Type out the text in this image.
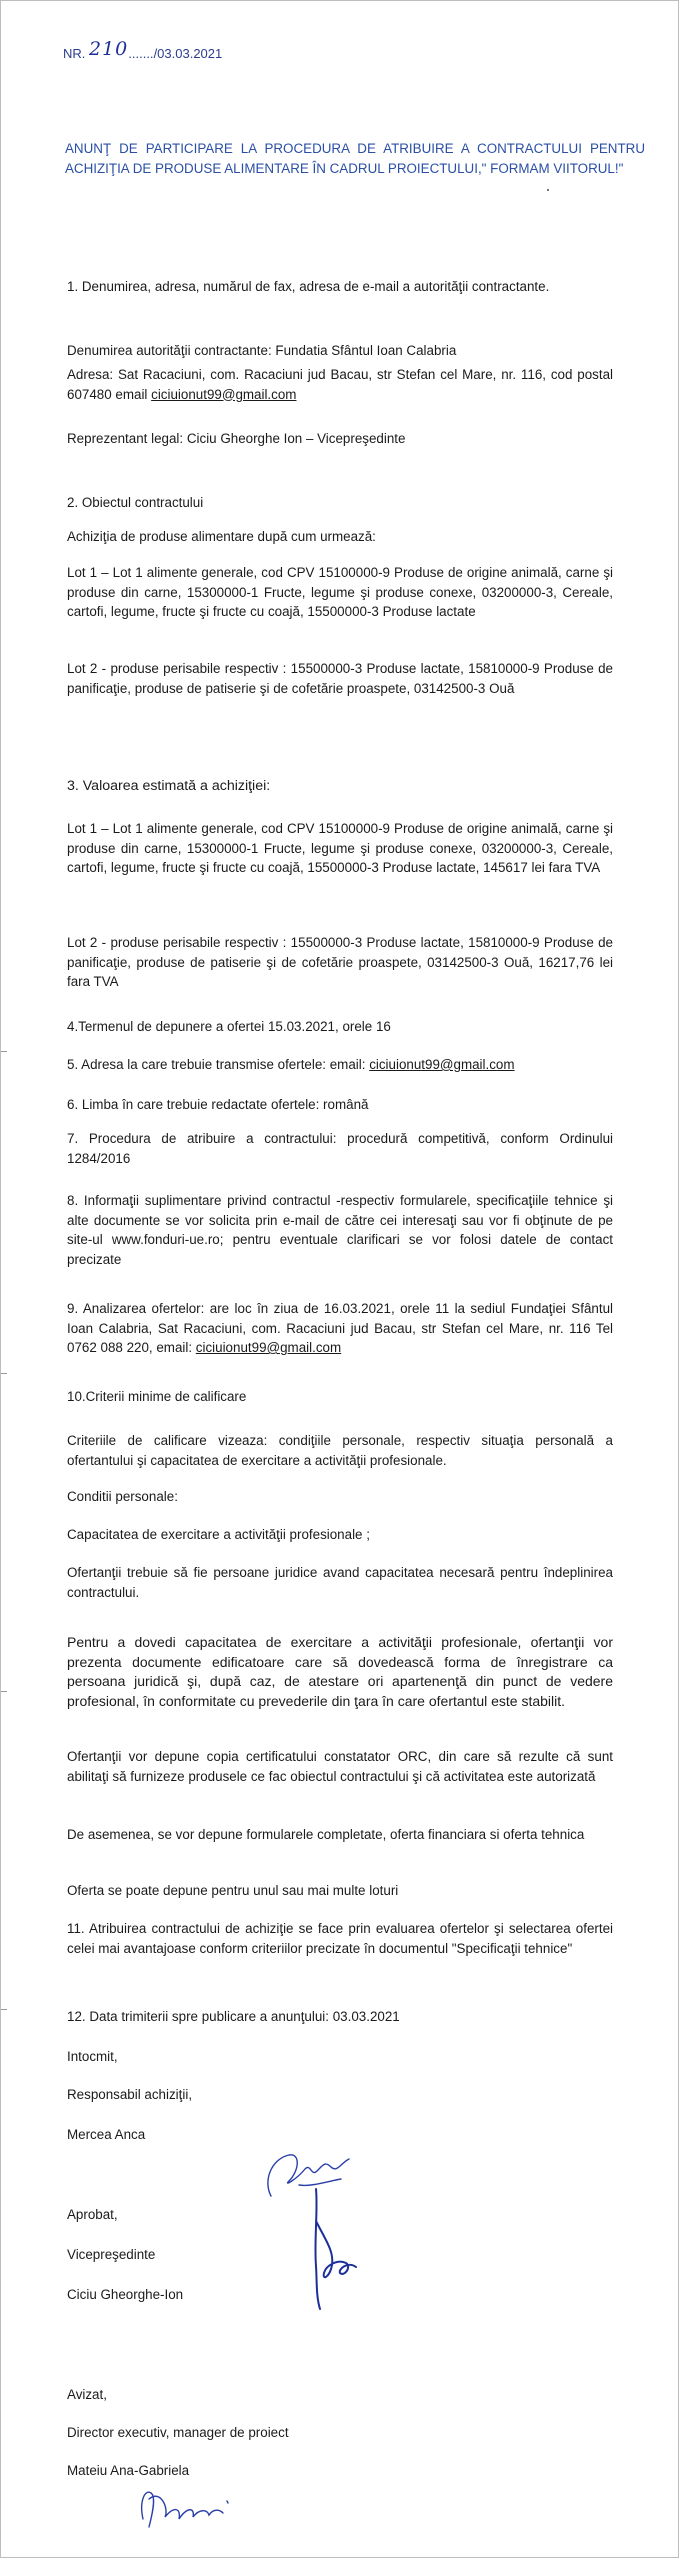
NR. 210......./03.03.2021
ANUNŢ DE PARTICIPARE LA PROCEDURA DE ATRIBUIRE A CONTRACTULUI PENTRU ACHIZIŢIA DE PRODUSE ALIMENTARE ÎN CADRUL PROIECTULUI," FORMAM VIITORUL!"

1. Denumirea, adresa, numărul de fax, adresa de e-mail a autorităţii contractante.

Denumirea autorităţii contractante: Fundatia Sfântul Ioan Calabria

Adresa: Sat Racaciuni, com. Racaciuni jud Bacau, str Stefan cel Mare, nr. 116, cod postal 607480 email ciciuionut99@gmail.com

Reprezentant legal: Ciciu Gheorghe Ion – Vicepreşedinte

2. Obiectul contractului

Achiziţia de produse alimentare după cum urmează:

Lot 1 – Lot 1 alimente generale, cod CPV 15100000-9 Produse de origine animală, carne şi produse din carne, 15300000-1 Fructe, legume şi produse conexe, 03200000-3, Cereale, cartofi, legume, fructe şi fructe cu coajă, 15500000-3 Produse lactate

Lot 2 - produse perisabile respectiv : 15500000-3 Produse lactate, 15810000-9 Produse de panificaţie, produse de patiserie şi de cofetărie proaspete, 03142500-3 Ouă

3. Valoarea estimată a achiziţiei:

Lot 1 – Lot 1 alimente generale, cod CPV 15100000-9 Produse de origine animală, carne şi produse din carne, 15300000-1 Fructe, legume şi produse conexe, 03200000-3, Cereale, cartofi, legume, fructe şi fructe cu coajă, 15500000-3 Produse lactate, 145617 lei fara TVA

Lot 2 - produse perisabile respectiv : 15500000-3 Produse lactate, 15810000-9 Produse de panificaţie, produse de patiserie şi de cofetărie proaspete, 03142500-3 Ouă, 16217,76 lei fara TVA

4.Termenul de depunere a ofertei 15.03.2021, orele 16

5. Adresa la care trebuie transmise ofertele: email: ciciuionut99@gmail.com

6. Limba în care trebuie redactate ofertele: română

7. Procedura de atribuire a contractului: procedură competitivă, conform Ordinului 1284/2016

8. Informaţii suplimentare privind contractul -respectiv formularele, specificaţiile tehnice şi alte documente se vor solicita prin e-mail de către cei interesaţi sau vor fi obţinute de pe site-ul www.fonduri-ue.ro; pentru eventuale clarificari se vor folosi datele de contact precizate

9. Analizarea ofertelor: are loc în ziua de 16.03.2021, orele 11 la sediul Fundaţiei Sfântul Ioan Calabria, Sat Racaciuni, com. Racaciuni jud Bacau, str Stefan cel Mare, nr. 116 Tel 0762 088 220, email: ciciuionut99@gmail.com

10.Criterii minime de calificare

Criteriile de calificare vizeaza: condiţiile personale, respectiv situaţia personală a ofertantului şi capacitatea de exercitare a activităţii profesionale.

Conditii personale:

Capacitatea de exercitare a activităţii profesionale ;

Ofertanţii trebuie să fie persoane juridice avand capacitatea necesară pentru îndeplinirea contractului.

Pentru a dovedi capacitatea de exercitare a activităţii profesionale, ofertanţii vor prezenta documente edificatoare care să dovedească forma de înregistrare ca persoana juridică şi, după caz, de atestare ori apartenenţă din punct de vedere profesional, în conformitate cu prevederile din ţara în care ofertantul este stabilit.

Ofertanţii vor depune copia certificatului constatator ORC, din care să rezulte că sunt abilitaţi să furnizeze produsele ce fac obiectul contractului şi că activitatea este autorizată

De asemenea, se vor depune formularele completate, oferta financiara si oferta tehnica

Oferta se poate depune pentru unul sau mai multe loturi

11. Atribuirea contractului de achiziţie se face prin evaluarea ofertelor şi selectarea ofertei celei mai avantajoase conform criteriilor precizate în documentul "Specificaţii tehnice"

12. Data trimiterii spre publicare a anunţului: 03.03.2021

Intocmit,

Responsabil achiziţii,

Mercea Anca

Aprobat,

Vicepreşedinte

Ciciu Gheorghe-Ion

Avizat,

Director executiv, manager de proiect

Mateiu Ana-Gabriela
